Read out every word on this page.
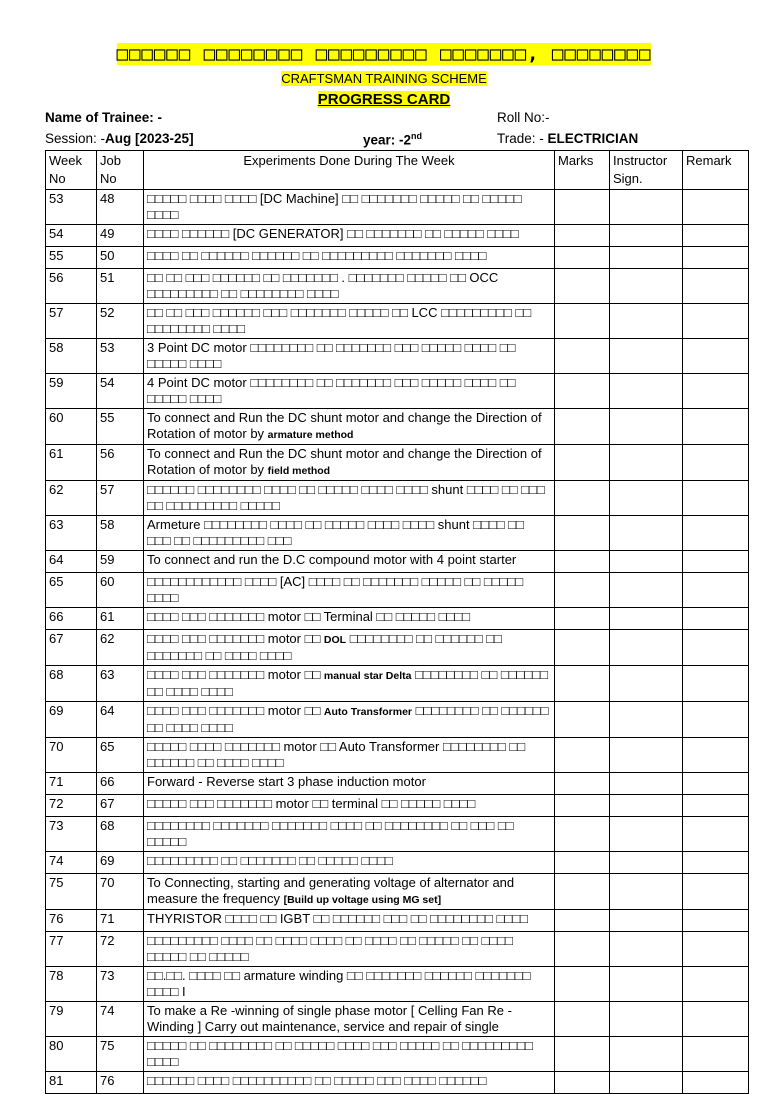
□□□□□□ □□□□□□□□ □□□□□□□□□ □□□□□□□, □□□□□□□□
CRAFTSMAN TRAINING SCHEME
PROGRESS CARD
Name of Trainee: -	Roll No:-
Session: -Aug [2023-25]	year: -2nd	Trade: - ELECTRICIAN
Week No	Job No	Experiments Done During The Week	Marks	Instructor Sign.	Remark
53	48	□□□□□ □□□□ □□□□ [DC Machine] □□ □□□□□□□ □□□□□ □□ □□□□□ □□□□			
54	49	□□□□ □□□□□□ [DC GENERATOR] □□ □□□□□□□ □□ □□□□□ □□□□			
55	50	□□□□ □□ □□□□□□ □□□□□□ □□ □□□□□□□□□ □□□□□□□ □□□□			
56	51	□□ □□ □□□ □□□□□□ □□ □□□□□□□ . □□□□□□□ □□□□□ □□ OCC □□□□□□□□□ □□ □□□□□□□□ □□□□			
57	52	□□ □□ □□□ □□□□□□ □□□ □□□□□□□ □□□□□ □□ LCC □□□□□□□□□ □□ □□□□□□□□ □□□□			
58	53	3 Point DC motor □□□□□□□□ □□ □□□□□□□ □□□ □□□□□ □□□□ □□ □□□□□ □□□□			
59	54	4 Point DC motor □□□□□□□□ □□ □□□□□□□ □□□ □□□□□ □□□□ □□ □□□□□ □□□□			
60	55	To connect and Run the DC shunt motor and change the Direction of Rotation of motor by armature method			
61	56	To connect and Run the DC shunt motor and change the Direction of Rotation of motor by field method			
62	57	□□□□□□ □□□□□□□□ □□□□ □□ □□□□□ □□□□ □□□□ shunt □□□□ □□ □□□ □□ □□□□□□□□□ □□□□□			
63	58	Armeture □□□□□□□□ □□□□ □□ □□□□□ □□□□ □□□□ shunt □□□□ □□ □□□ □□ □□□□□□□□□ □□□			
64	59	To connect and run the D.C compound motor with 4 point starter			
65	60	□□□□□□□□□□□□ □□□□ [AC] □□□□ □□ □□□□□□□ □□□□□ □□ □□□□□ □□□□			
66	61	□□□□ □□□ □□□□□□□ motor □□ Terminal □□ □□□□□ □□□□			
67	62	□□□□ □□□ □□□□□□□ motor □□ DOL □□□□□□□□ □□ □□□□□□ □□ □□□□□□□ □□ □□□□ □□□□			
68	63	□□□□ □□□ □□□□□□□ motor □□ manual star Delta □□□□□□□□ □□ □□□□□□ □□ □□□□ □□□□			
69	64	□□□□ □□□ □□□□□□□ motor □□ Auto Transformer □□□□□□□□ □□ □□□□□□ □□ □□□□ □□□□			
70	65	□□□□□ □□□□ □□□□□□□ motor □□ Auto Transformer □□□□□□□□ □□ □□□□□□ □□ □□□□ □□□□			
71	66	Forward - Reverse start 3 phase induction motor			
72	67	□□□□□ □□□ □□□□□□□ motor □□ terminal □□ □□□□□ □□□□			
73	68	□□□□□□□□ □□□□□□□ □□□□□□□ □□□□ □□ □□□□□□□□ □□ □□□ □□ □□□□□			
74	69	□□□□□□□□□ □□ □□□□□□□ □□ □□□□□ □□□□			
75	70	To Connecting, starting and generating voltage of alternator and measure the frequency [Build up voltage using MG set]			
76	71	THYRISTOR □□□□ □□ IGBT □□ □□□□□□ □□□ □□ □□□□□□□□ □□□□			
77	72	□□□□□□□□□ □□□□ □□ □□□□ □□□□ □□ □□□□ □□ □□□□□ □□ □□□□ □□□□□ □□ □□□□□			
78	73	□□.□□. □□□□ □□ armature winding □□ □□□□□□□ □□□□□□ □□□□□□□ □□□□ I			
79	74	To make a Re -winning of single phase motor [ Celling Fan Re -Winding ] Carry out maintenance, service and repair of single			
80	75	□□□□□ □□ □□□□□□□□ □□ □□□□□ □□□□ □□□ □□□□□ □□ □□□□□□□□□ □□□□			
81	76	□□□□□□ □□□□ □□□□□□□□□□ □□ □□□□□ □□□ □□□□ □□□□□□			
